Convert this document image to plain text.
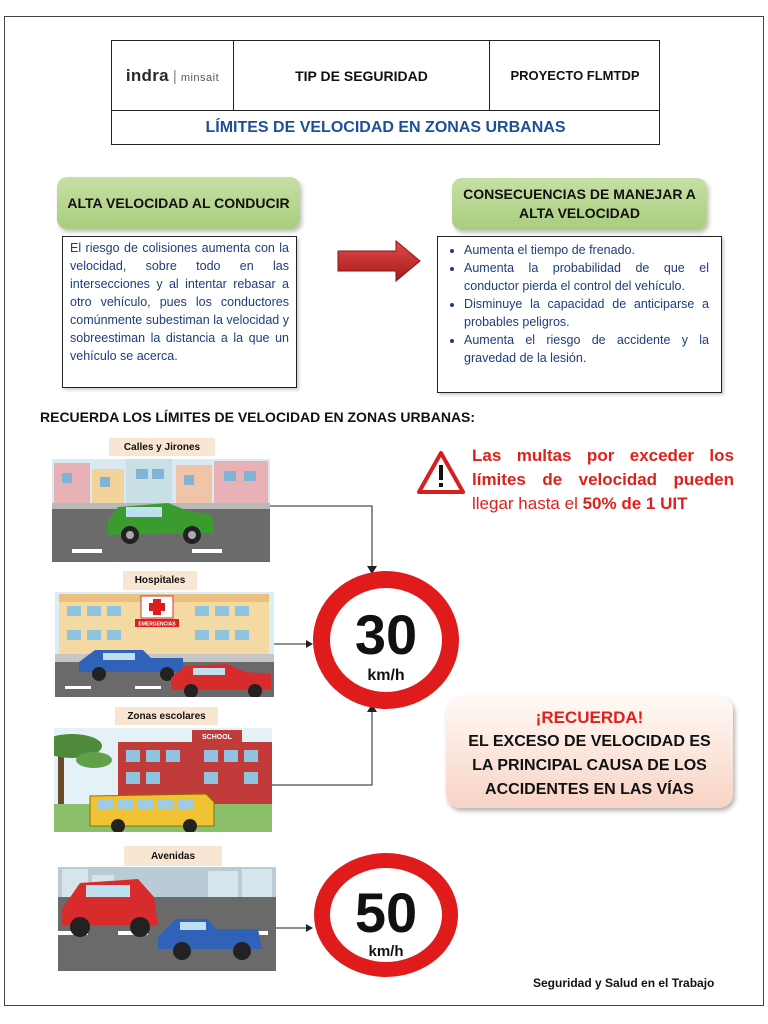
indra | minsait	TIP DE SEGURIDAD	PROYECTO FLMTDP
LÍMITES DE VELOCIDAD EN ZONAS URBANAS
ALTA VELOCIDAD AL CONDUCIR
El riesgo de colisiones aumenta con la velocidad, sobre todo en las intersecciones y al intentar rebasar a otro vehículo, pues los conductores comúnmente subestiman la velocidad y sobreestiman la distancia a la que un vehículo se acerca.
CONSECUENCIAS DE MANEJAR A ALTA VELOCIDAD
• Aumenta el tiempo de frenado.
• Aumenta la probabilidad de que el conductor pierda el control del vehículo.
• Disminuye la capacidad de anticiparse a probables peligros.
• Aumenta el riesgo de accidente y la gravedad de la lesión.
RECUERDA LOS LÍMITES DE VELOCIDAD EN ZONAS URBANAS:
Calles y Jirones
Hospitales
EMERGENCIAS
Zonas escolares
SCHOOL
Avenidas
30
km/h
50
km/h
Las multas por exceder los límites de velocidad pueden llegar hasta el 50% de 1 UIT
¡RECUERDA!
EL EXCESO DE VELOCIDAD ES
LA PRINCIPAL CAUSA DE LOS
ACCIDENTES EN LAS VÍAS
Seguridad y Salud en el Trabajo
